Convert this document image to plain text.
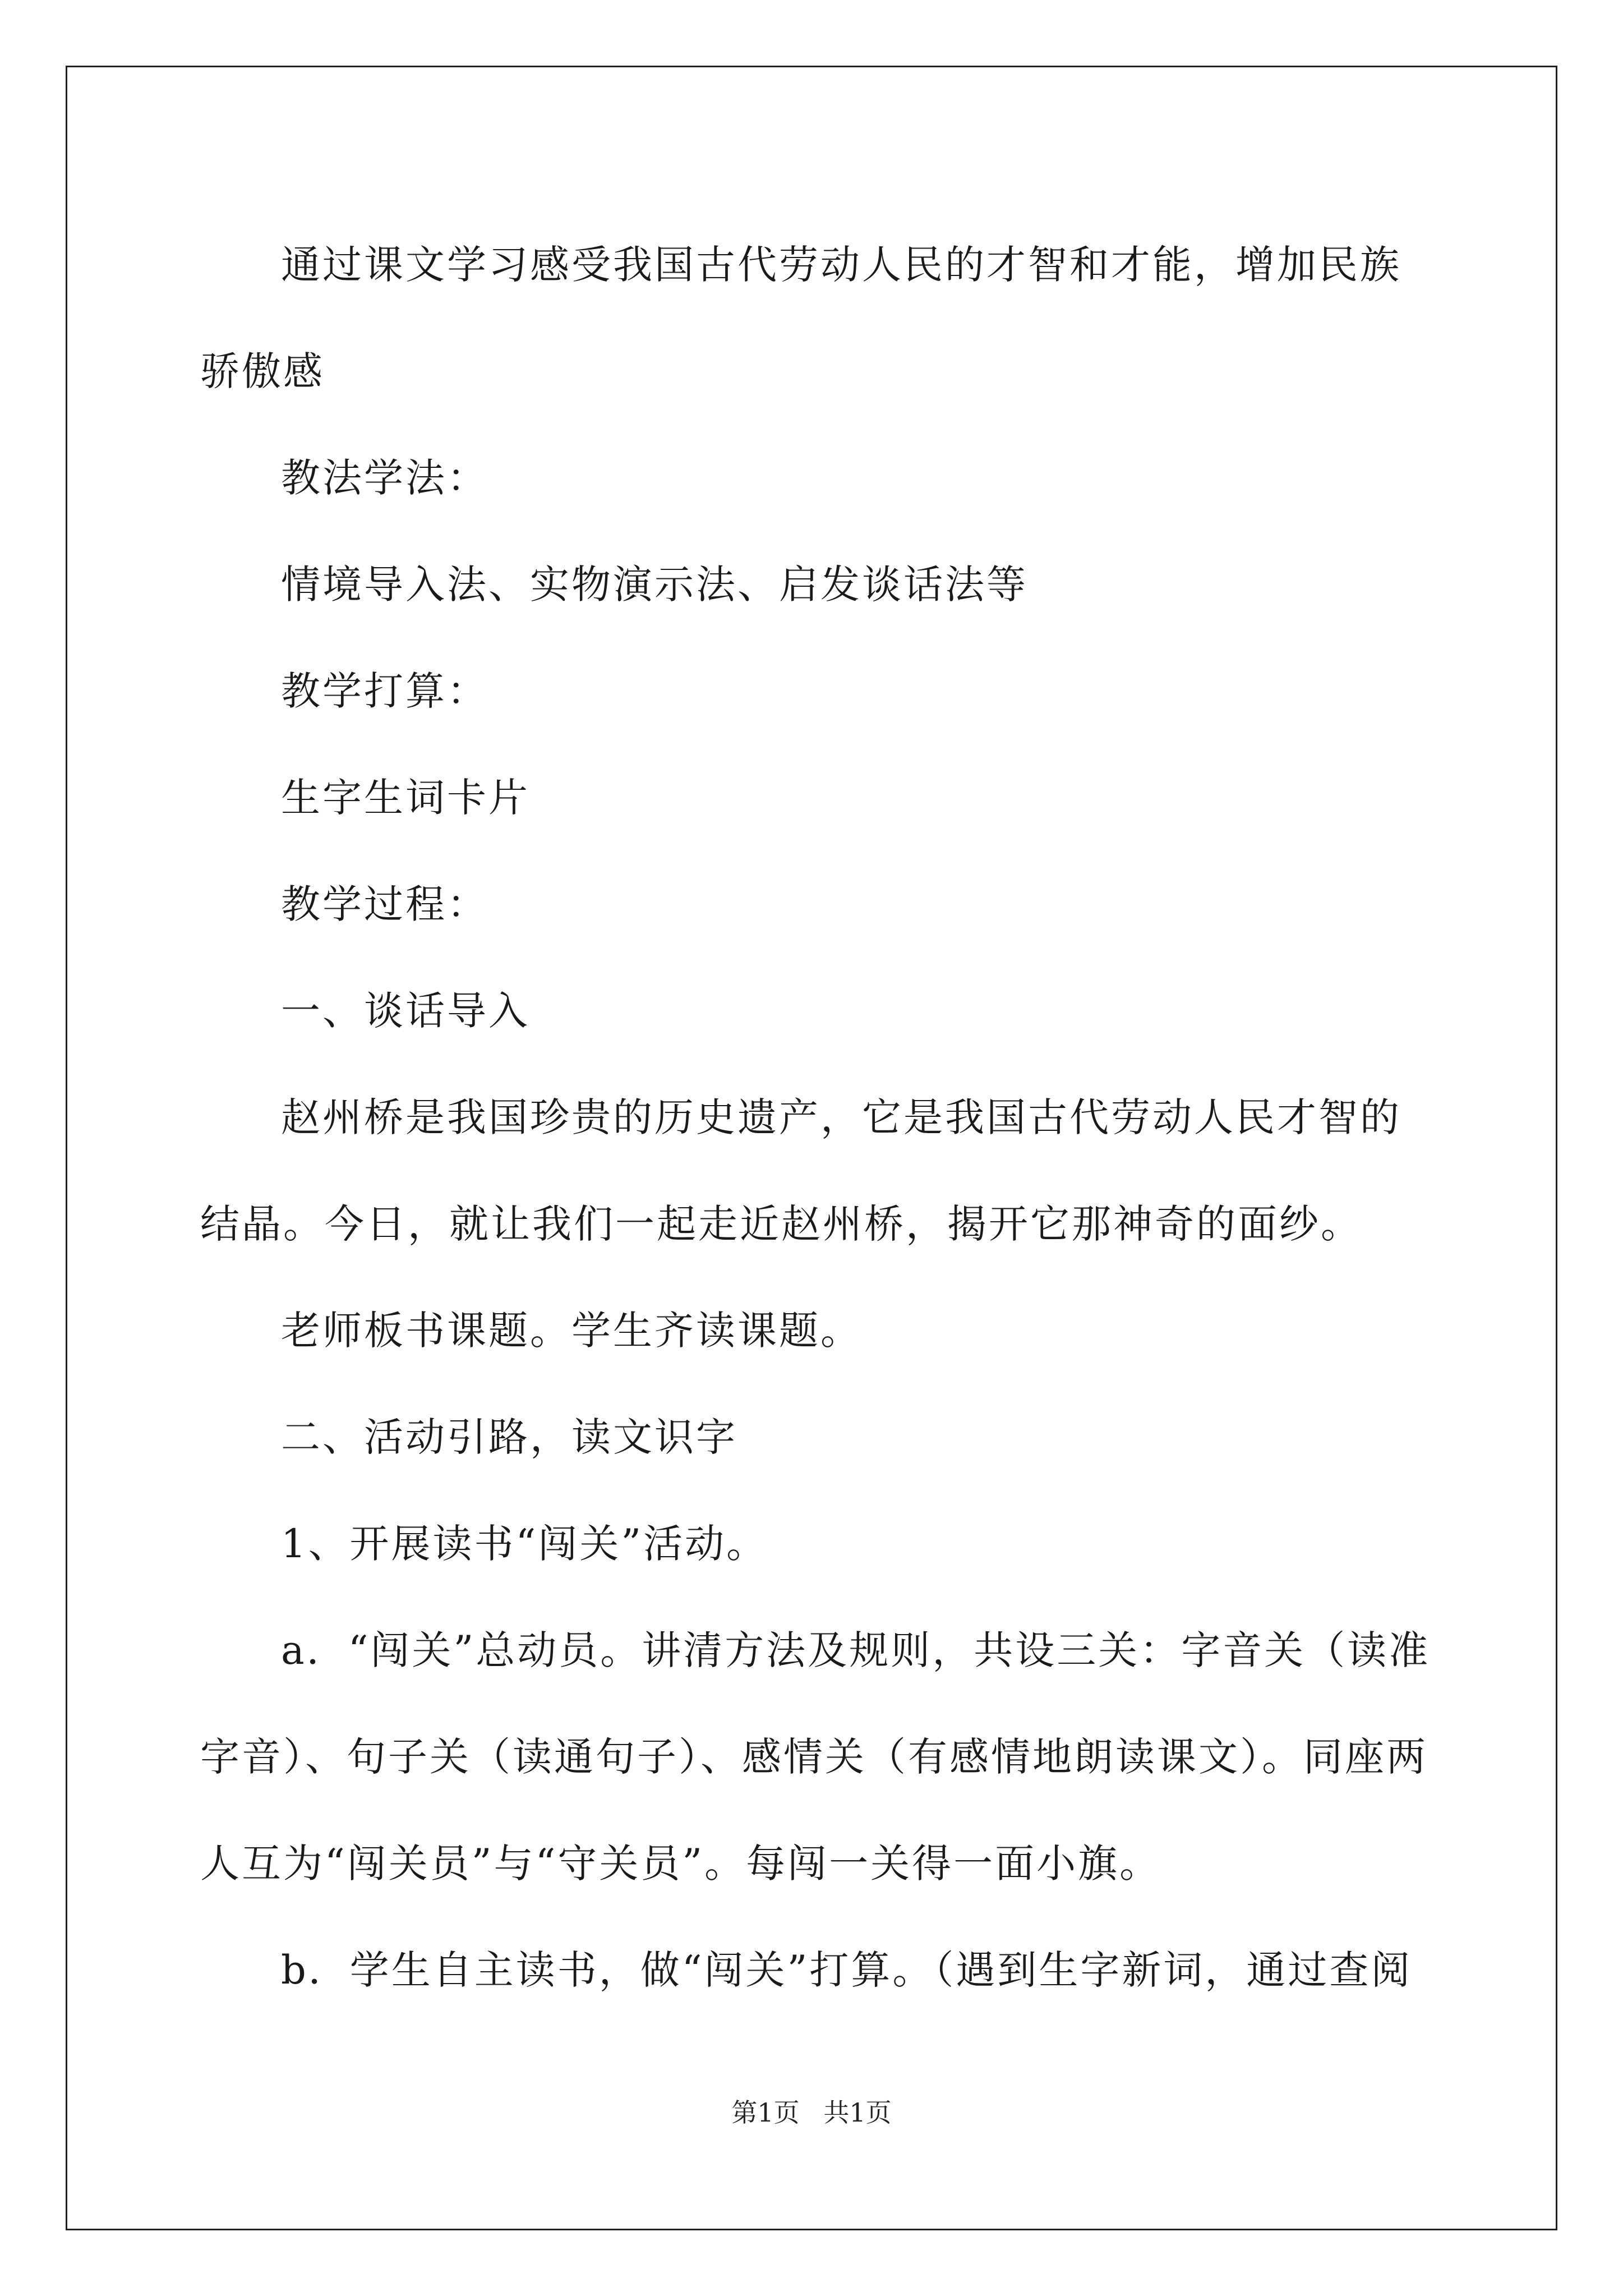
通过课文学习感受我国古代劳动人民的才智和才能，增加民族骄傲感

教法学法：

情境导入法、实物演示法、启发谈话法等

教学打算：

生字生词卡片

教学过程：

一、谈话导入

赵州桥是我国珍贵的历史遗产，它是我国古代劳动人民才智的结晶。今日，就让我们一起走近赵州桥，揭开它那神奇的面纱。

老师板书课题。学生齐读课题。

二、活动引路，读文识字

1、开展读书“闯关”活动。

a．“闯关”总动员。讲清方法及规则，共设三关：字音关（读准字音）、句子关（读通句子）、感情关（有感情地朗读课文）。同座两人互为“闯关员”与“守关员”。每闯一关得一面小旗。

b．学生自主读书，做“闯关”打算。（遇到生字新词，通过查阅

第1页 共1页
